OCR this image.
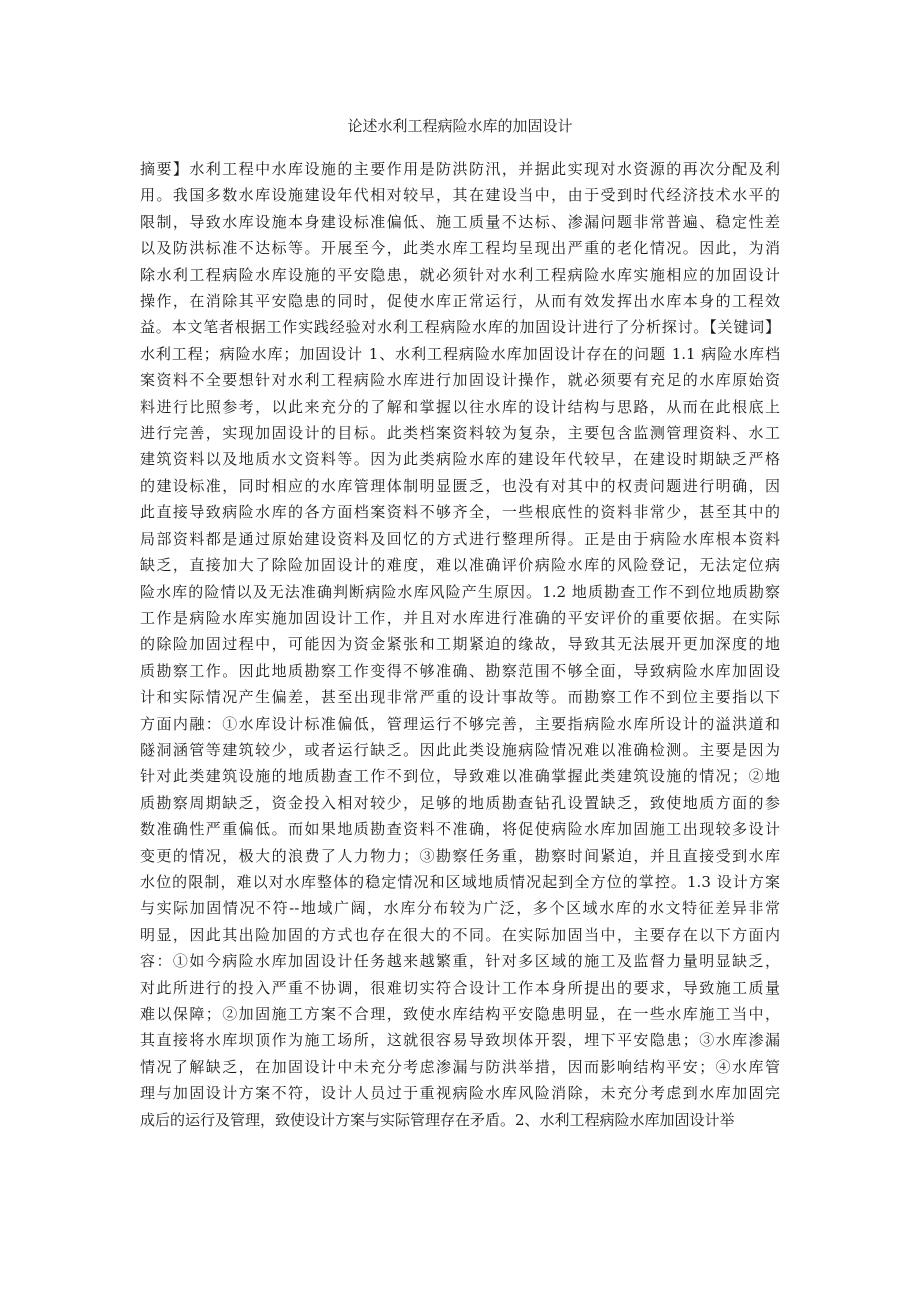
论述水利工程病险水库的加固设计
摘要】水利工程中水库设施的主要作用是防洪防汛，并据此实现对水资源的再次分配及利
用。我国多数水库设施建设年代相对较早，其在建设当中，由于受到时代经济技术水平的
限制，导致水库设施本身建设标准偏低、施工质量不达标、渗漏问题非常普遍、稳定性差
以及防洪标准不达标等。开展至今，此类水库工程均呈现出严重的老化情况。因此，为消
除水利工程病险水库设施的平安隐患，就必须针对水利工程病险水库实施相应的加固设计
操作，在消除其平安隐患的同时，促使水库正常运行，从而有效发挥出水库本身的工程效
益。本文笔者根据工作实践经验对水利工程病险水库的加固设计进行了分析探讨。【关键词】
水利工程；病险水库；加固设计 1、水利工程病险水库加固设计存在的问题 1.1 病险水库档
案资料不全要想针对水利工程病险水库进行加固设计操作，就必须要有充足的水库原始资
料进行比照参考，以此来充分的了解和掌握以往水库的设计结构与思路，从而在此根底上
进行完善，实现加固设计的目标。此类档案资料较为复杂，主要包含监测管理资料、水工
建筑资料以及地质水文资料等。因为此类病险水库的建设年代较早，在建设时期缺乏严格
的建设标准，同时相应的水库管理体制明显匮乏，也没有对其中的权责问题进行明确，因
此直接导致病险水库的各方面档案资料不够齐全，一些根底性的资料非常少，甚至其中的
局部资料都是通过原始建设资料及回忆的方式进行整理所得。正是由于病险水库根本资料
缺乏，直接加大了除险加固设计的难度，难以准确评价病险水库的风险登记，无法定位病
险水库的险情以及无法准确判断病险水库风险产生原因。1.2 地质勘查工作不到位地质勘察
工作是病险水库实施加固设计工作，并且对水库进行准确的平安评价的重要依据。在实际
的除险加固过程中，可能因为资金紧张和工期紧迫的缘故，导致其无法展开更加深度的地
质勘察工作。因此地质勘察工作变得不够准确、勘察范围不够全面，导致病险水库加固设
计和实际情况产生偏差，甚至出现非常严重的设计事故等。而勘察工作不到位主要指以下
方面内融：①水库设计标准偏低，管理运行不够完善，主要指病险水库所设计的溢洪道和
隧洞涵管等建筑较少，或者运行缺乏。因此此类设施病险情况难以准确检测。主要是因为
针对此类建筑设施的地质勘查工作不到位，导致难以准确掌握此类建筑设施的情况；②地
质勘察周期缺乏，资金投入相对较少，足够的地质勘查钻孔设置缺乏，致使地质方面的参
数准确性严重偏低。而如果地质勘查资料不准确，将促使病险水库加固施工出现较多设计
变更的情况，极大的浪费了人力物力；③勘察任务重，勘察时间紧迫，并且直接受到水库
水位的限制，难以对水库整体的稳定情况和区域地质情况起到全方位的掌控。1.3 设计方案
与实际加固情况不符--地域广阔，水库分布较为广泛，多个区域水库的水文特征差异非常
明显，因此其出险加固的方式也存在很大的不同。在实际加固当中，主要存在以下方面内
容：①如今病险水库加固设计任务越来越繁重，针对多区域的施工及监督力量明显缺乏，
对此所进行的投入严重不协调，很难切实符合设计工作本身所提出的要求，导致施工质量
难以保障；②加固施工方案不合理，致使水库结构平安隐患明显，在一些水库施工当中，
其直接将水库坝顶作为施工场所，这就很容易导致坝体开裂，埋下平安隐患；③水库渗漏
情况了解缺乏，在加固设计中未充分考虑渗漏与防洪举措，因而影响结构平安；④水库管
理与加固设计方案不符，设计人员过于重视病险水库风险消除，未充分考虑到水库加固完
成后的运行及管理，致使设计方案与实际管理存在矛盾。2、水利工程病险水库加固设计举
